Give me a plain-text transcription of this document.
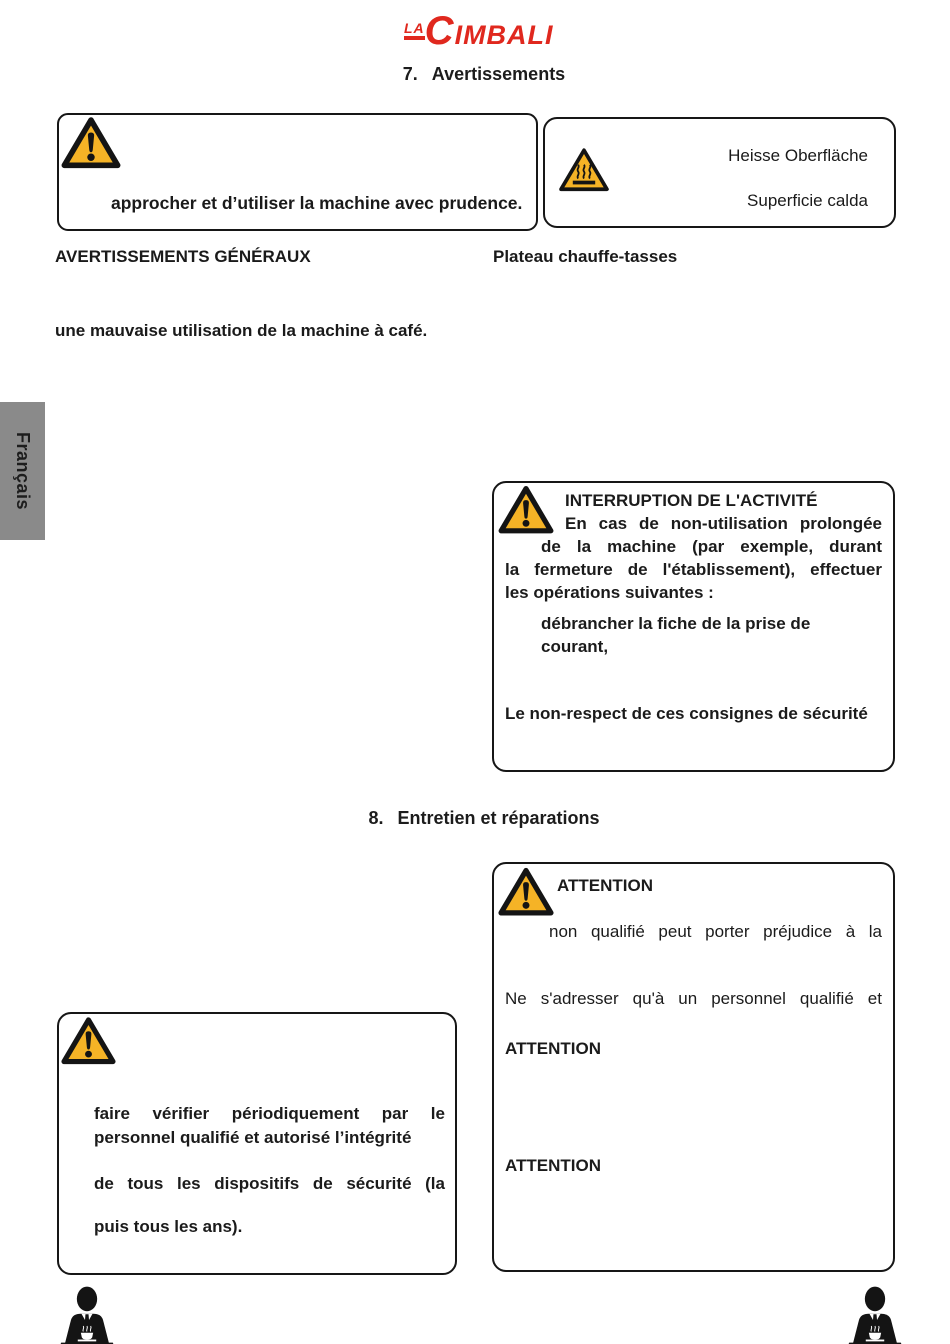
LACIMBALI
7. Avertissements
approcher et d’utiliser la machine avec prudence.
Heisse Oberfläche
Superficie calda
AVERTISSEMENTS GÉNÉRAUX	Plateau chauffe-tasses
une mauvaise utilisation de la machine à café.
Français	INTERRUPTION DE L'ACTIVITÉ
En cas de non-utilisation prolongée
de la machine (par exemple, durant
la fermeture de l'établissement), effectuer
les opérations suivantes :
débrancher la fiche de la prise de courant,
Le non-respect de ces consignes de sécurité
8. Entretien et réparations
ATTENTION
non qualifié peut porter préjudice à la
Ne s'adresser qu'à un personnel qualifié et
ATTENTION
ATTENTION
faire vérifier périodiquement par le
personnel qualifié et autorisé l’intégrité
de tous les dispositifs de sécurité (la
puis tous les ans).
